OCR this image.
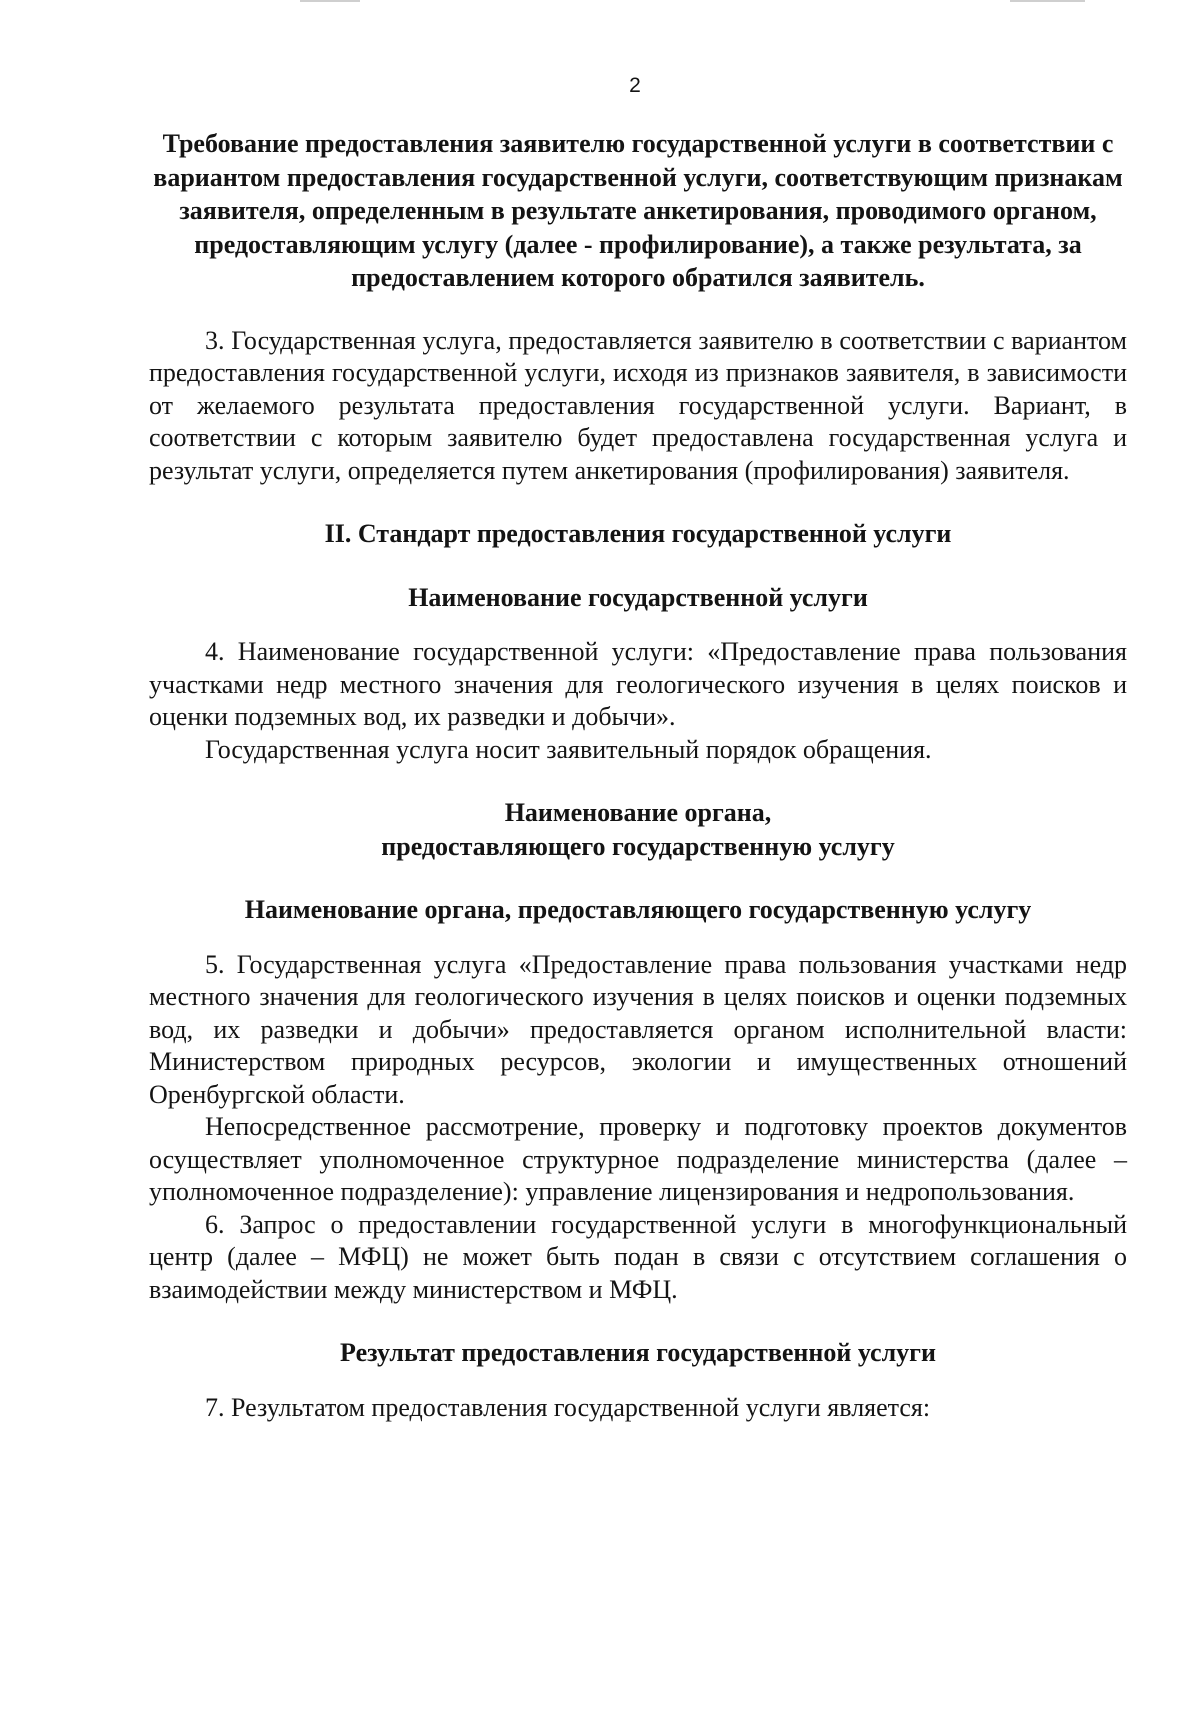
2

Требование предоставления заявителю государственной услуги в соответствии с вариантом предоставления государственной услуги, соответствующим признакам заявителя, определенным в результате анкетирования, проводимого органом, предоставляющим услугу (далее - профилирование), а также результата, за предоставлением которого обратился заявитель.

3. Государственная услуга, предоставляется заявителю в соответствии с вариантом предоставления государственной услуги, исходя из признаков заявителя, в зависимости от желаемого результата предоставления государственной услуги. Вариант, в соответствии с которым заявителю будет предоставлена государственная услуга и результат услуги, определяется путем анкетирования (профилирования) заявителя.

II. Стандарт предоставления государственной услуги

Наименование государственной услуги

4. Наименование государственной услуги: «Предоставление права пользования участками недр местного значения для геологического изучения в целях поисков и оценки подземных вод, их разведки и добычи».

Государственная услуга носит заявительный порядок обращения.

Наименование органа,
предоставляющего государственную услугу

Наименование органа, предоставляющего государственную услугу

5. Государственная услуга «Предоставление права пользования участками недр местного значения для геологического изучения в целях поисков и оценки подземных вод, их разведки и добычи» предоставляется органом исполнительной власти: Министерством природных ресурсов, экологии и имущественных отношений Оренбургской области.

Непосредственное рассмотрение, проверку и подготовку проектов документов осуществляет уполномоченное структурное подразделение министерства (далее – уполномоченное подразделение): управление лицензирования и недропользования.

6. Запрос о предоставлении государственной услуги в многофункциональный центр (далее – МФЦ) не может быть подан в связи с отсутствием соглашения о взаимодействии между министерством и МФЦ.

Результат предоставления государственной услуги

7. Результатом предоставления государственной услуги является:
